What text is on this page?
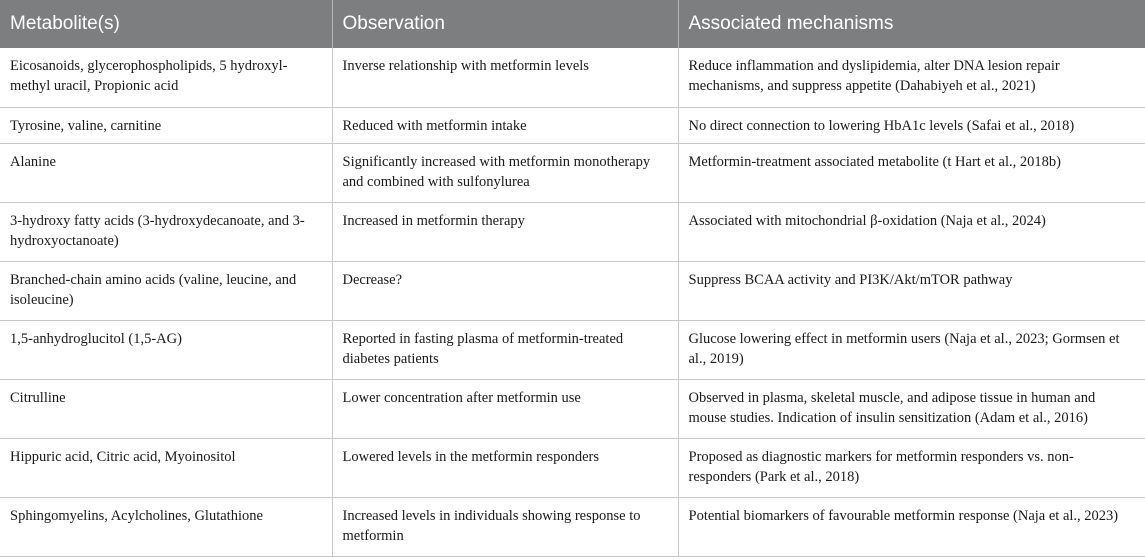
Metabolite(s)	Observation	Associated mechanisms
Eicosanoids, glycerophospholipids, 5 hydroxyl-methyl uracil, Propionic acid	Inverse relationship with metformin levels	Reduce inflammation and dyslipidemia, alter DNA lesion repair mechanisms, and suppress appetite (Dahabiyeh et al., 2021)
Tyrosine, valine, carnitine	Reduced with metformin intake	No direct connection to lowering HbA1c levels (Safai et al., 2018)
Alanine	Significantly increased with metformin monotherapy and combined with sulfonylurea	Metformin-treatment associated metabolite (t Hart et al., 2018b)
3-hydroxy fatty acids (3-hydroxydecanoate, and 3-hydroxyoctanoate)	Increased in metformin therapy	Associated with mitochondrial β-oxidation (Naja et al., 2024)
Branched-chain amino acids (valine, leucine, and isoleucine)	Decrease?	Suppress BCAA activity and PI3K/Akt/mTOR pathway
1,5-anhydroglucitol (1,5-AG)	Reported in fasting plasma of metformin-treated diabetes patients	Glucose lowering effect in metformin users (Naja et al., 2023; Gormsen et al., 2019)
Citrulline	Lower concentration after metformin use	Observed in plasma, skeletal muscle, and adipose tissue in human and mouse studies. Indication of insulin sensitization (Adam et al., 2016)
Hippuric acid, Citric acid, Myoinositol	Lowered levels in the metformin responders	Proposed as diagnostic markers for metformin responders vs. non-responders (Park et al., 2018)
Sphingomyelins, Acylcholines, Glutathione	Increased levels in individuals showing response to metformin	Potential biomarkers of favourable metformin response (Naja et al., 2023)
